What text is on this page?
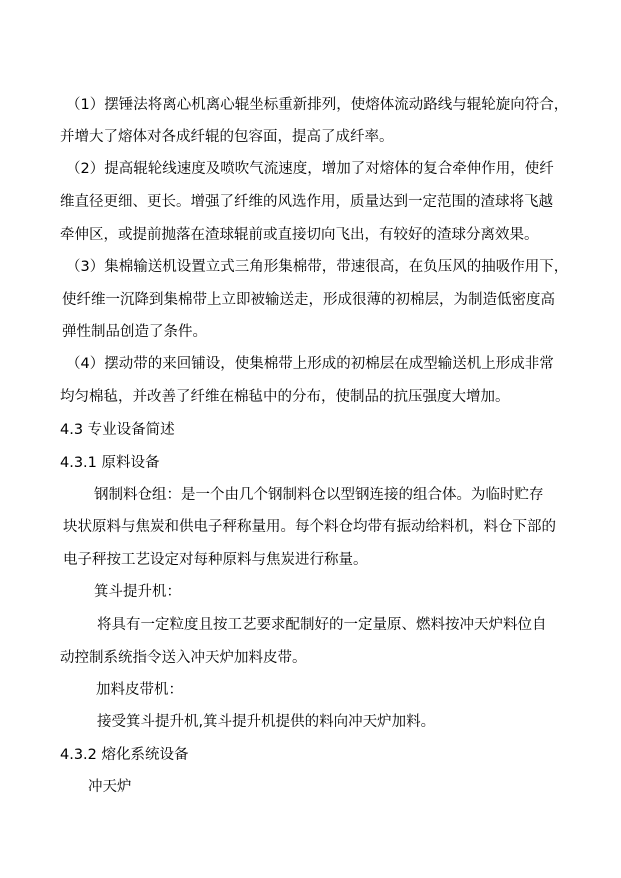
（1）摆锤法将离心机离心辊坐标重新排列，使熔体流动路线与辊轮旋向符合，
并增大了熔体对各成纤辊的包容面，提高了成纤率。
（2）提高辊轮线速度及喷吹气流速度，增加了对熔体的复合牵伸作用，使纤
维直径更细、更长。增强了纤维的风选作用，质量达到一定范围的渣球将飞越
牵伸区，或提前抛落在渣球辊前或直接切向飞出，有较好的渣球分离效果。
（3）集棉输送机设置立式三角形集棉带，带速很高，在负压风的抽吸作用下，
使纤维一沉降到集棉带上立即被输送走，形成很薄的初棉层，为制造低密度高
弹性制品创造了条件。
（4）摆动带的来回铺设，使集棉带上形成的初棉层在成型输送机上形成非常
均匀棉毡，并改善了纤维在棉毡中的分布，使制品的抗压强度大增加。
4.3 专业设备简述
4.3.1 原料设备
钢制料仓组：是一个由几个钢制料仓以型钢连接的组合体。为临时贮存
块状原料与焦炭和供电子秤称量用。每个料仓均带有振动给料机，料仓下部的
电子秤按工艺设定对每种原料与焦炭进行称量。
箕斗提升机：
将具有一定粒度且按工艺要求配制好的一定量原、燃料按冲天炉料位自
动控制系统指令送入冲天炉加料皮带。
加料皮带机：
接受箕斗提升机,箕斗提升机提供的料向冲天炉加料。
4.3.2 熔化系统设备
冲天炉
